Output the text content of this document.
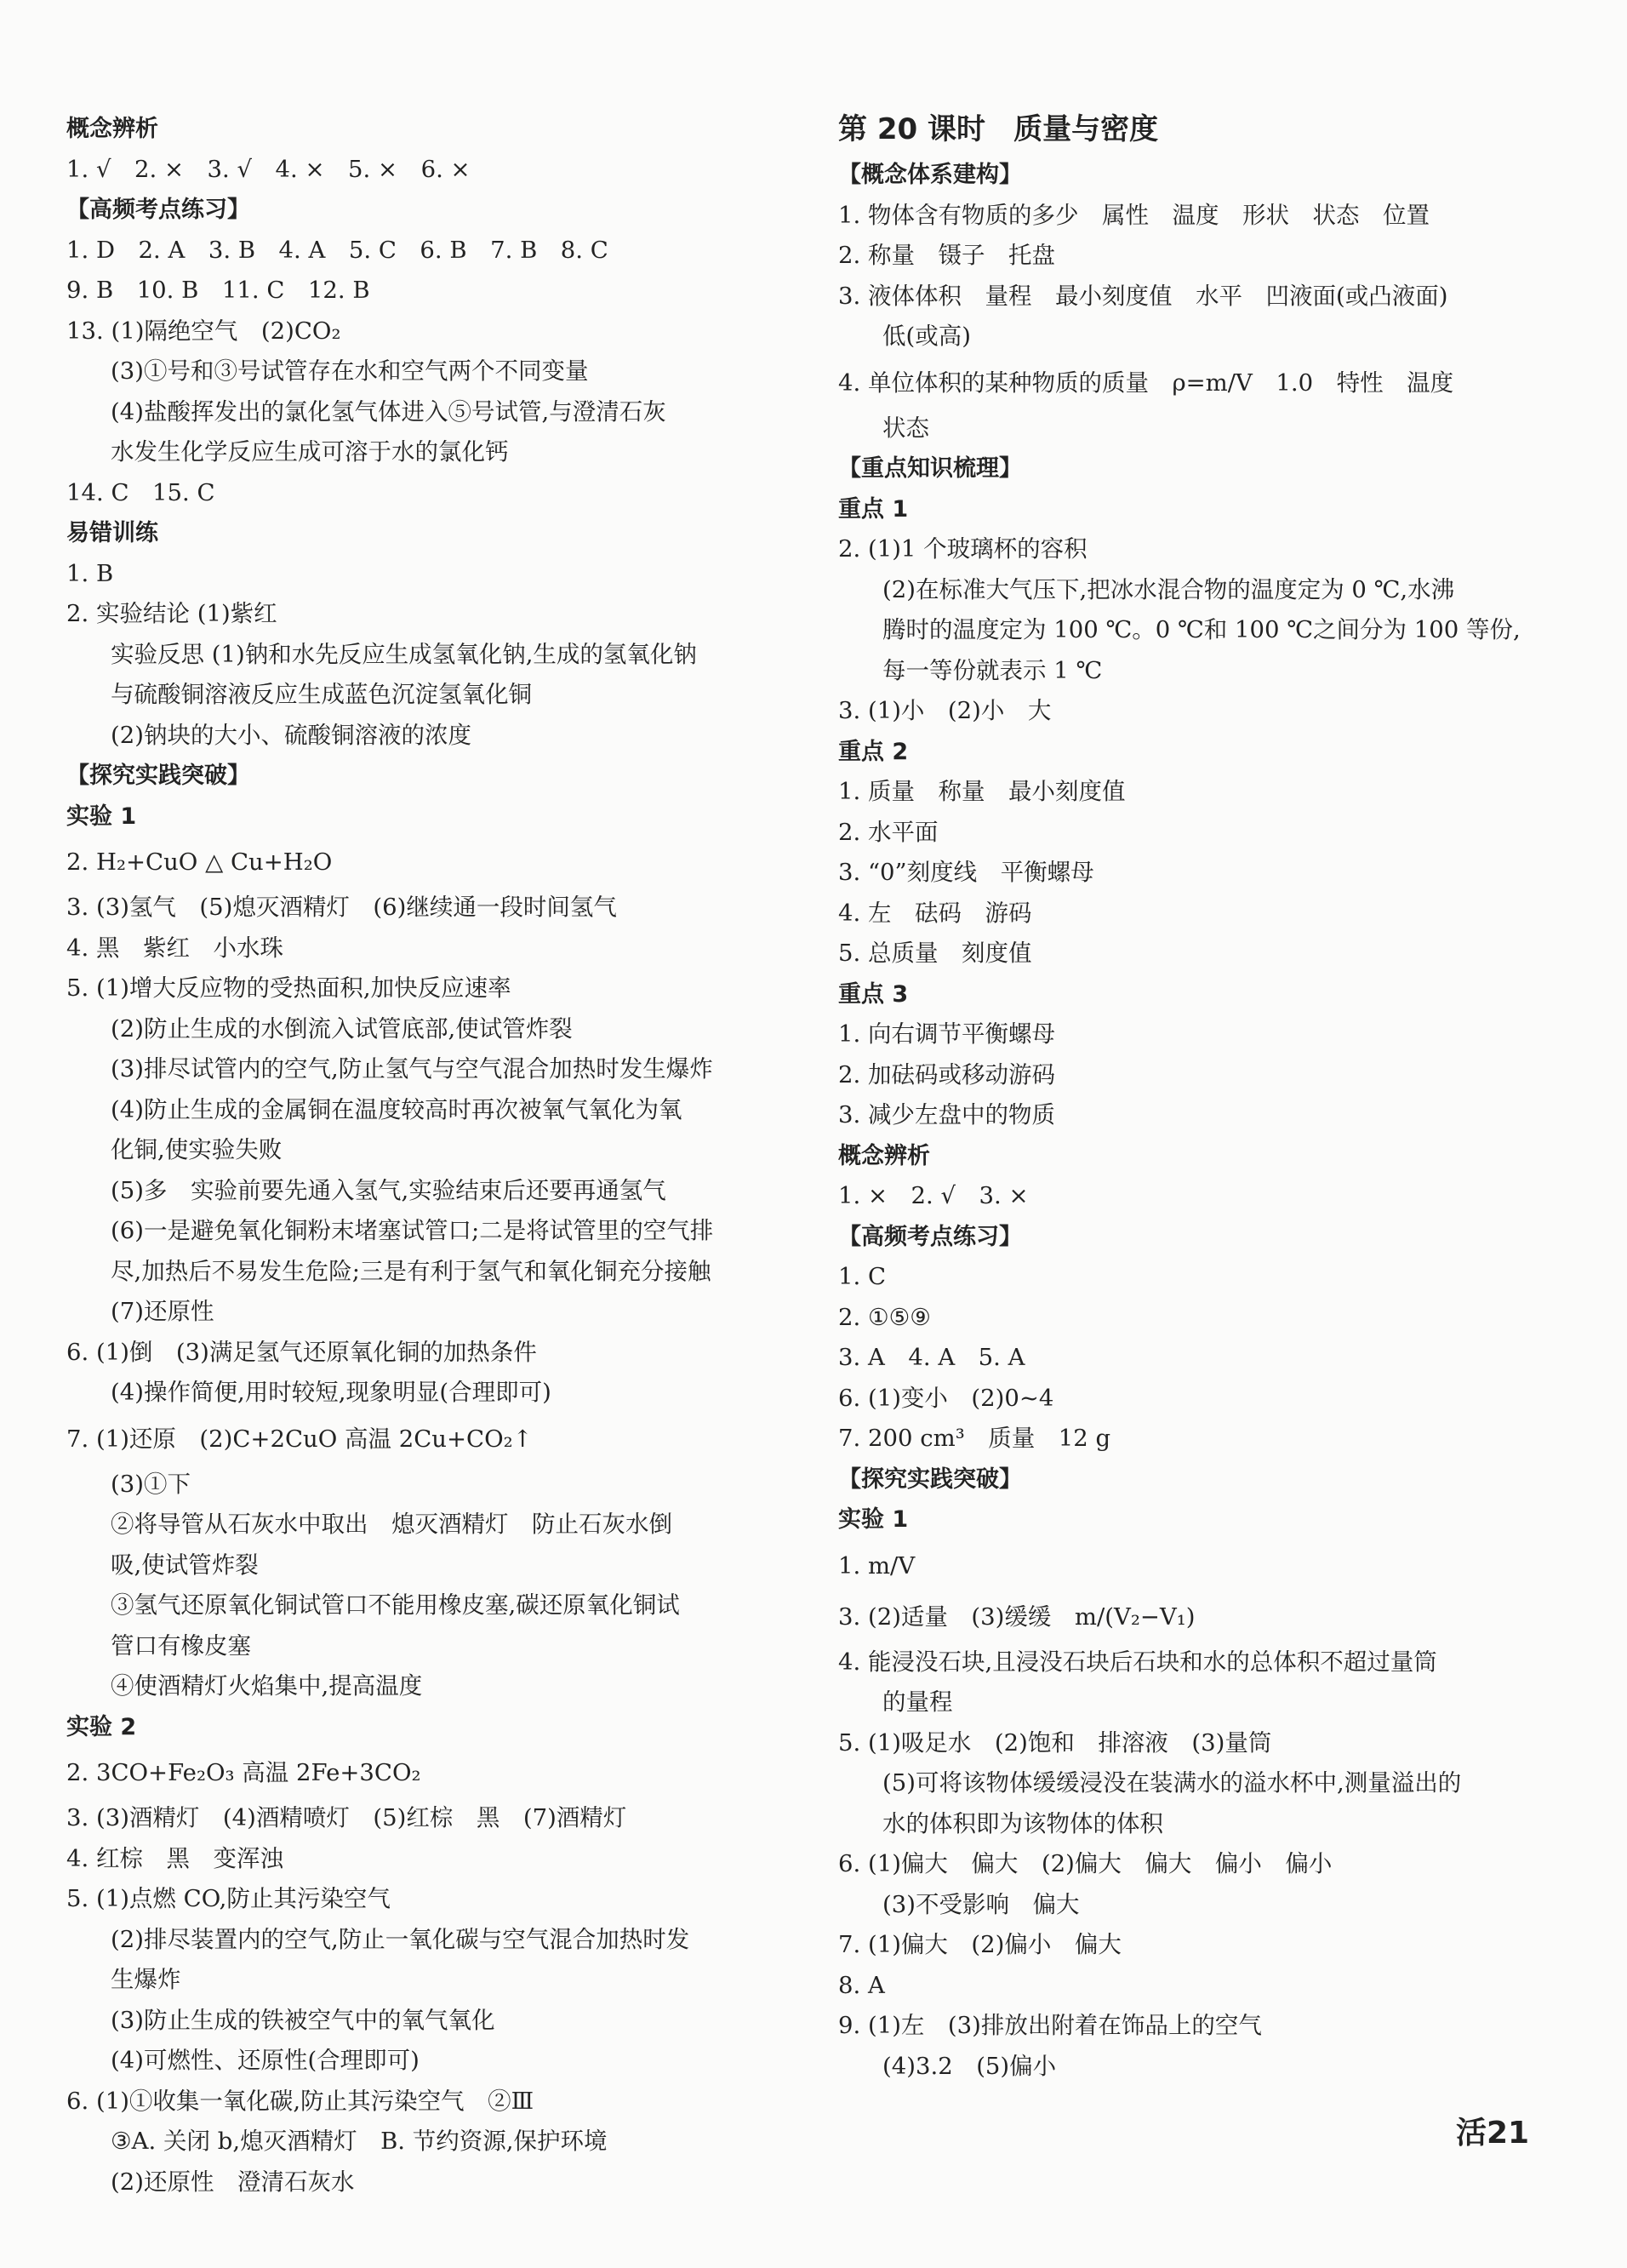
概念辨析
1. √　2. ×　3. √　4. ×　5. ×　6. ×
【高频考点练习】
1. D　2. A　3. B　4. A　5. C　6. B　7. B　8. C
9. B　10. B　11. C　12. B
13. (1)隔绝空气　(2)CO₂
(3)①号和③号试管存在水和空气两个不同变量
(4)盐酸挥发出的氯化氢气体进入⑤号试管,与澄清石灰
水发生化学反应生成可溶于水的氯化钙
14. C　15. C
易错训练
1. B
2. 实验结论 (1)紫红
实验反思 (1)钠和水先反应生成氢氧化钠,生成的氢氧化钠
与硫酸铜溶液反应生成蓝色沉淀氢氧化铜
(2)钠块的大小、硫酸铜溶液的浓度
【探究实践突破】
实验 1
2. H₂+CuO △ Cu+H₂O
3. (3)氢气　(5)熄灭酒精灯　(6)继续通一段时间氢气
4. 黑　紫红　小水珠
5. (1)增大反应物的受热面积,加快反应速率
(2)防止生成的水倒流入试管底部,使试管炸裂
(3)排尽试管内的空气,防止氢气与空气混合加热时发生爆炸
(4)防止生成的金属铜在温度较高时再次被氧气氧化为氧
化铜,使实验失败
(5)多　实验前要先通入氢气,实验结束后还要再通氢气
(6)一是避免氧化铜粉末堵塞试管口;二是将试管里的空气排
尽,加热后不易发生危险;三是有利于氢气和氧化铜充分接触
(7)还原性
6. (1)倒　(3)满足氢气还原氧化铜的加热条件
(4)操作简便,用时较短,现象明显(合理即可)
7. (1)还原　(2)C+2CuO 高温 2Cu+CO₂↑
(3)①下
②将导管从石灰水中取出　熄灭酒精灯　防止石灰水倒
吸,使试管炸裂
③氢气还原氧化铜试管口不能用橡皮塞,碳还原氧化铜试
管口有橡皮塞
④使酒精灯火焰集中,提高温度
实验 2
2. 3CO+Fe₂O₃ 高温 2Fe+3CO₂
3. (3)酒精灯　(4)酒精喷灯　(5)红棕　黑　(7)酒精灯
4. 红棕　黑　变浑浊
5. (1)点燃 CO,防止其污染空气
(2)排尽装置内的空气,防止一氧化碳与空气混合加热时发
生爆炸
(3)防止生成的铁被空气中的氧气氧化
(4)可燃性、还原性(合理即可)
6. (1)①收集一氧化碳,防止其污染空气　②Ⅲ
③A. 关闭 b,熄灭酒精灯　B. 节约资源,保护环境
(2)还原性　澄清石灰水
第 20 课时 质量与密度
【概念体系建构】
1. 物体含有物质的多少　属性　温度　形状　状态　位置
2. 称量　镊子　托盘
3. 液体体积　量程　最小刻度值　水平　凹液面(或凸液面)
低(或高)
4. 单位体积的某种物质的质量　ρ=m/V　1.0　特性　温度
状态
【重点知识梳理】
重点 1
2. (1)1 个玻璃杯的容积
(2)在标准大气压下,把冰水混合物的温度定为 0 ℃,水沸
腾时的温度定为 100 ℃。0 ℃和 100 ℃之间分为 100 等份,
每一等份就表示 1 ℃
3. (1)小　(2)小　大
重点 2
1. 质量　称量　最小刻度值
2. 水平面
3. “0”刻度线　平衡螺母
4. 左　砝码　游码
5. 总质量　刻度值
重点 3
1. 向右调节平衡螺母
2. 加砝码或移动游码
3. 减少左盘中的物质
概念辨析
1. ×　2. √　3. ×
【高频考点练习】
1. C
2. ①⑤⑨
3. A　4. A　5. A
6. (1)变小　(2)0~4
7. 200 cm³　质量　12 g
【探究实践突破】
实验 1
1. m/V
3. (2)适量　(3)缓缓　m/(V₂−V₁)
4. 能浸没石块,且浸没石块后石块和水的总体积不超过量筒
的量程
5. (1)吸足水　(2)饱和　排溶液　(3)量筒
(5)可将该物体缓缓浸没在装满水的溢水杯中,测量溢出的
水的体积即为该物体的体积
6. (1)偏大　偏大　(2)偏大　偏大　偏小　偏小
(3)不受影响　偏大
7. (1)偏大　(2)偏小　偏大
8. A
9. (1)左　(3)排放出附着在饰品上的空气
(4)3.2　(5)偏小
活21
